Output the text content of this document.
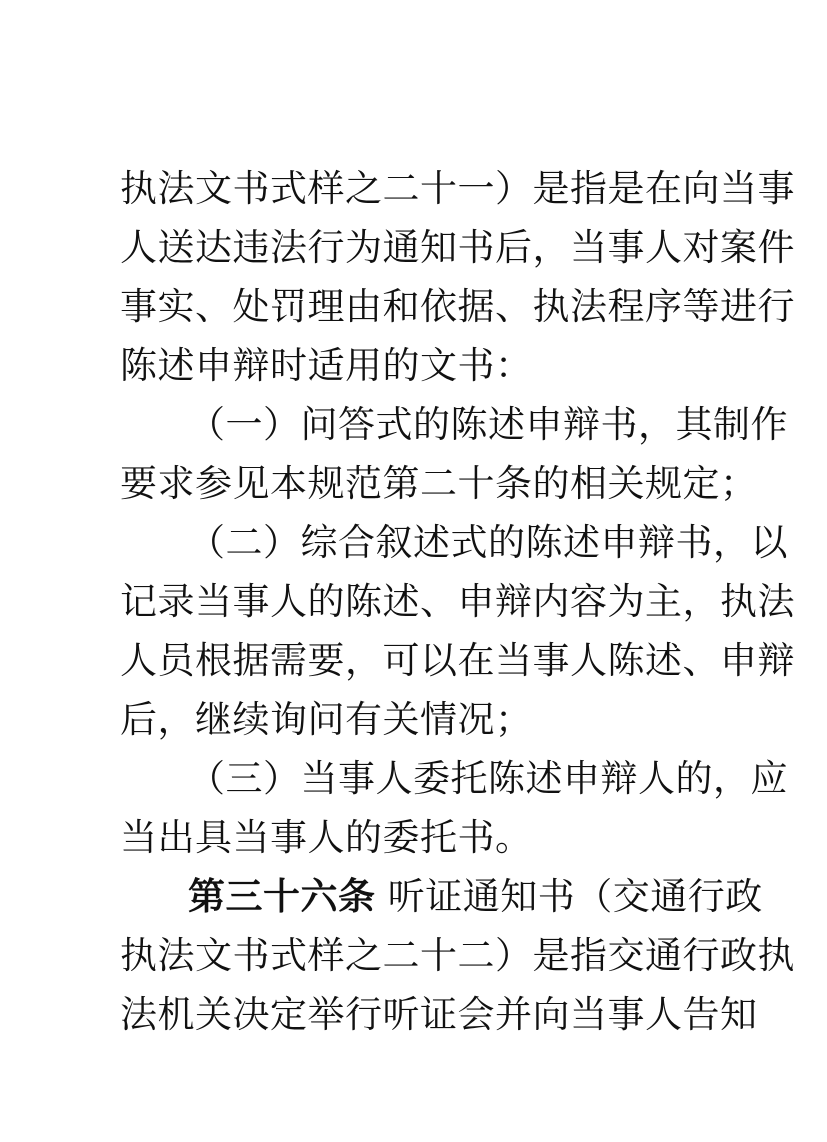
执法文书式样之二十一）是指是在向当事
人送达违法行为通知书后，当事人对案件
事实、处罚理由和依据、执法程序等进行
陈述申辩时适用的文书：
（一）问答式的陈述申辩书，其制作
要求参见本规范第二十条的相关规定；
（二）综合叙述式的陈述申辩书，以
记录当事人的陈述、申辩内容为主，执法
人员根据需要，可以在当事人陈述、申辩
后，继续询问有关情况；
（三）当事人委托陈述申辩人的，应
当出具当事人的委托书。
第三十六条 听证通知书（交通行政
执法文书式样之二十二）是指交通行政执
法机关决定举行听证会并向当事人告知
